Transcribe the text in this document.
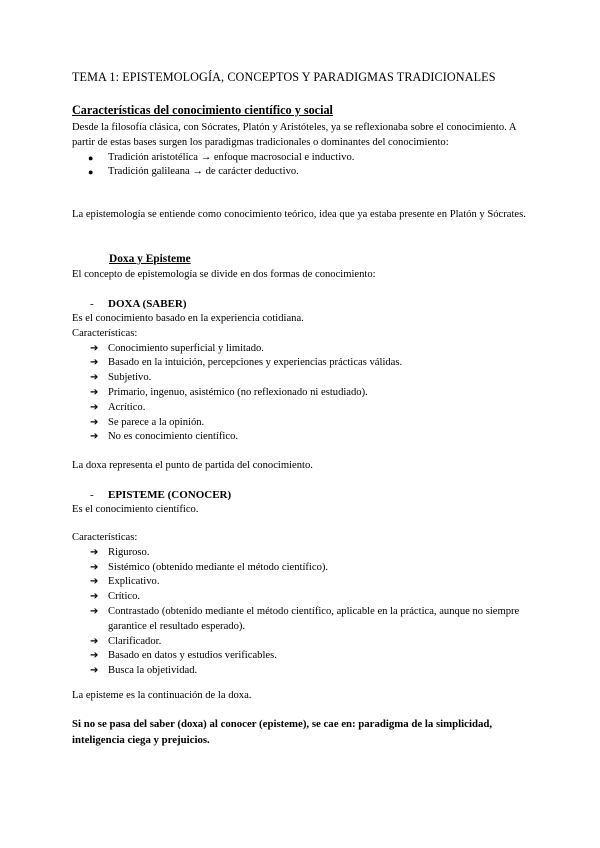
TEMA 1: EPISTEMOLOGÍA, CONCEPTOS Y PARADIGMAS TRADICIONALES
Características del conocimiento científico y social

Desde la filosofía clásica, con Sócrates, Platón y Aristóteles, ya se reflexionaba sobre el conocimiento. A partir de estas bases surgen los paradigmas tradicionales o dominantes del conocimiento:

● Tradición aristotélica → enfoque macrosocial e inductivo.
● Tradición galileana → de carácter deductivo.
La epistemología se entiende como conocimiento teórico, idea que ya estaba presente en Platón y Sócrates.
Doxa y Episteme
El concepto de epistemología se divide en dos formas de conocimiento:
- DOXA (SABER)

Es el conocimiento basado en la experiencia cotidiana.

Características:

➔ Conocimiento superficial y limitado.
➔ Basado en la intuición, percepciones y experiencias prácticas válidas.
➔ Subjetivo.
➔ Primario, ingenuo, asistémico (no reflexionado ni estudiado).
➔ Acrítico.
➔ Se parece a la opinión.
➔ No es conocimiento científico.
La doxa representa el punto de partida del conocimiento.
- EPISTEME (CONOCER)
Es el conocimiento científico.

Características:

➔ Riguroso.
➔ Sistémico (obtenido mediante el método científico).
➔ Explicativo.
➔ Crítico.
➔ Contrastado (obtenido mediante el método científico, aplicable en la práctica, aunque no siempre garantice el resultado esperado).
➔ Clarificador.
➔ Basado en datos y estudios verificables.
➔ Busca la objetividad.
La episteme es la continuación de la doxa.
Si no se pasa del saber (doxa) al conocer (episteme), se cae en: paradigma de la simplicidad, inteligencia ciega y prejuicios.
